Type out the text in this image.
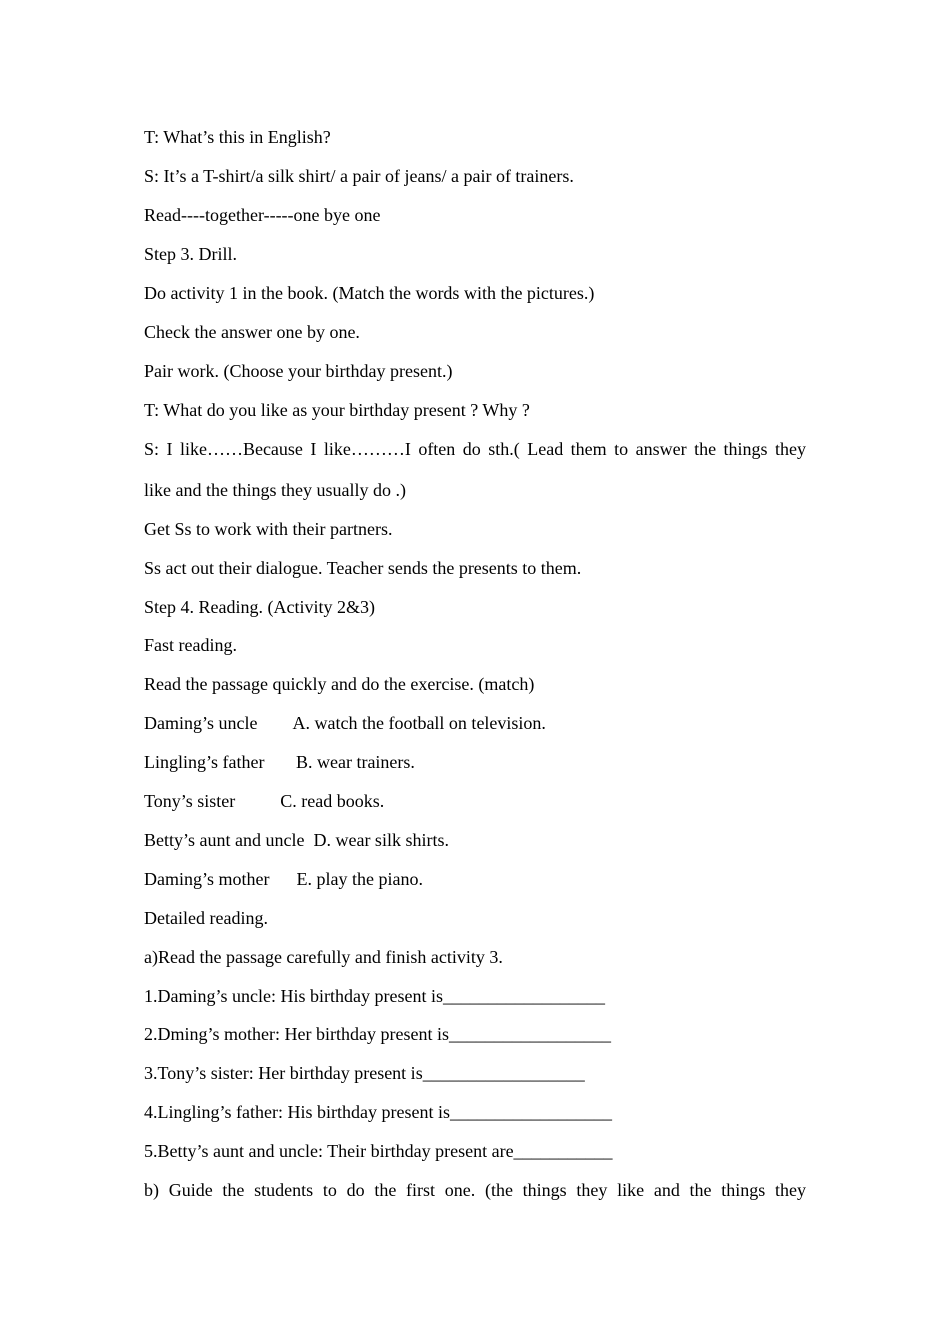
T: What’s this in English?
S: It’s a T-shirt/a silk shirt/ a pair of jeans/ a pair of trainers.
Read----together-----one bye one
Step 3. Drill.
Do activity 1 in the book. (Match the words with the pictures.)
Check the answer one by one.
Pair work. (Choose your birthday present.)
T: What do you like as your birthday present ? Why ?
S: I like……Because I like………I often do sth.( Lead them to answer the things they
like and the things they usually do .)
Get Ss to work with their partners.
Ss act out their dialogue. Teacher sends the presents to them.
Step 4. Reading. (Activity 2&3)
Fast reading.
Read the passage quickly and do the exercise. (match)
Daming’s uncle        A. watch the football on television.
Lingling’s father       B. wear trainers.
Tony’s sister          C. read books.
Betty’s aunt and uncle  D. wear silk shirts.
Daming’s mother      E. play the piano.
Detailed reading.
a)Read the passage carefully and finish activity 3.
1.Daming’s uncle: His birthday present is__________________
2.Dming’s mother: Her birthday present is__________________
3.Tony’s sister: Her birthday present is__________________
4.Lingling’s father: His birthday present is__________________
5.Betty’s aunt and uncle: Their birthday present are___________
b) Guide the students to do the first one. (the things they like and the things they
